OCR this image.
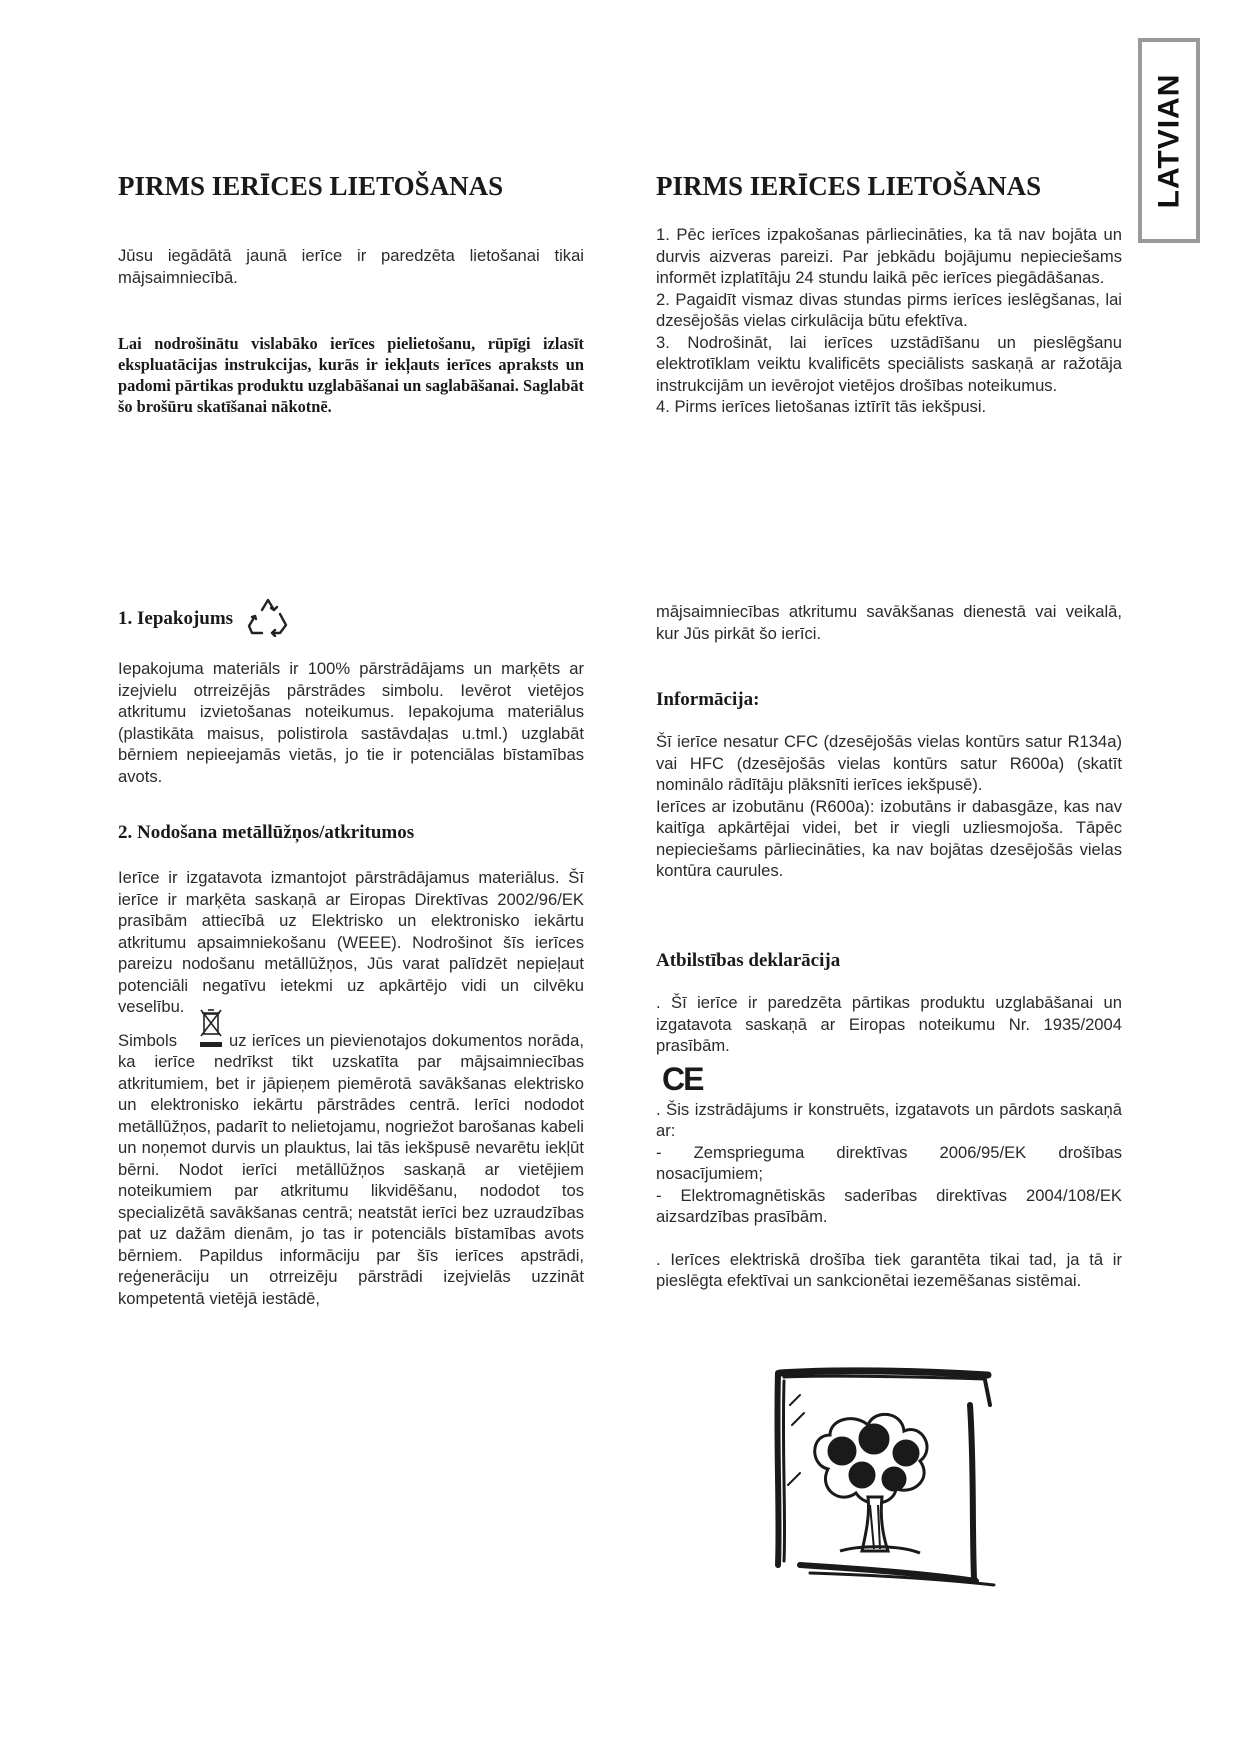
LATVIAN
PIRMS IERĪCES LIETOŠANAS

Jūsu iegādātā jaunā ierīce ir paredzēta lietošanai tikai mājsaimniecībā.

Lai nodrošinātu vislabāko ierīces pielietošanu, rūpīgi izlasīt ekspluatācijas instrukcijas, kurās ir iekļauts ierīces apraksts un padomi pārtikas produktu uzglabāšanai un saglabāšanai. Saglabāt šo brošūru skatīšanai nākotnē.

1. Iepakojums

Iepakojuma materiāls ir 100% pārstrādājams un marķēts ar izejvielu otrreizējās pārstrādes simbolu. Ievērot vietējos atkritumu izvietošanas noteikumus. Iepakojuma materiālus (plastikāta maisus, polistirola sastāvdaļas u.tml.) uzglabāt bērniem nepieejamās vietās, jo tie ir potenciālas bīstamības avots.

2. Nodošana metāllūžņos/atkritumos

Ierīce ir izgatavota izmantojot pārstrādājamus materiālus. Šī ierīce ir marķēta saskaņā ar Eiropas Direktīvas 2002/96/EK prasībām attiecībā uz Elektrisko un elektronisko iekārtu atkritumu apsaimniekošanu (WEEE). Nodrošinot šīs ierīces pareizu nodošanu metāllūžņos, Jūs varat palīdzēt nepieļaut potenciāli negatīvu ietekmi uz apkārtējo vidi un cilvēku veselību.

Simbols	uz ierīces un pievienotajos dokumentos norāda, ka ierīce nedrīkst tikt uzskatīta par mājsaimniecības atkritumiem, bet ir jāpieņem piemērotā savākšanas elektrisko un elektronisko iekārtu pārstrādes centrā. Ierīci nododot metāllūžņos, padarīt to nelietojamu, nogriežot barošanas kabeli un noņemot durvis un plauktus, lai tās iekšpusē nevarētu iekļūt bērni. Nodot ierīci metāllūžņos saskaņā ar vietējiem noteikumiem par atkritumu likvidēšanu, nododot tos specializētā savākšanas centrā; neatstāt ierīci bez uzraudzības pat uz dažām dienām, jo tas ir potenciāls bīstamības avots bērniem. Papildus informāciju par šīs ierīces apstrādi, reģenerāciju un otrreizēju pārstrādi izejvielās uzzināt kompetentā vietējā iestādē,

PIRMS IERĪCES LIETOŠANAS
1. Pēc ierīces izpakošanas pārliecināties, ka tā nav bojāta un durvis aizveras pareizi. Par jebkādu bojājumu nepieciešams informēt izplatītāju 24 stundu laikā pēc ierīces piegādāšanas.
2. Pagaidīt vismaz divas stundas pirms ierīces ieslēgšanas, lai dzesējošās vielas cirkulācija būtu efektīva.
3. Nodrošināt, lai ierīces uzstādīšanu un pieslēgšanu elektrotīklam veiktu kvalificēts speciālists saskaņā ar ražotāja instrukcijām un ievērojot vietējos drošības noteikumus.
4. Pirms ierīces lietošanas iztīrīt tās iekšpusi.

mājsaimniecības atkritumu savākšanas dienestā vai veikalā, kur Jūs pirkāt šo ierīci.

Informācija:

Šī ierīce nesatur CFC (dzesējošās vielas kontūrs satur R134a) vai HFC (dzesējošās vielas kontūrs satur R600a) (skatīt nominālo rādītāju plāksnīti ierīces iekšpusē).

Ierīces ar izobutānu (R600a): izobutāns ir dabasgāze, kas nav kaitīga apkārtējai videi, bet ir viegli uzliesmojoša. Tāpēc nepieciešams pārliecināties, ka nav bojātas dzesējošās vielas kontūra caurules.

Atbilstības deklarācija

. Šī ierīce ir paredzēta pārtikas produktu uzglabāšanai un izgatavota saskaņā ar Eiropas noteikumu Nr. 1935/2004 prasībām.

CE

. Šis izstrādājums ir konstruēts, izgatavots un pārdots saskaņā ar:

- Zemsprieguma direktīvas 2006/95/EK drošības nosacījumiem;

- Elektromagnētiskās saderības direktīvas 2004/108/EK aizsardzības prasībām.

. Ierīces elektriskā drošība tiek garantēta tikai tad, ja tā ir pieslēgta efektīvai un sankcionētai iezemēšanas sistēmai.
